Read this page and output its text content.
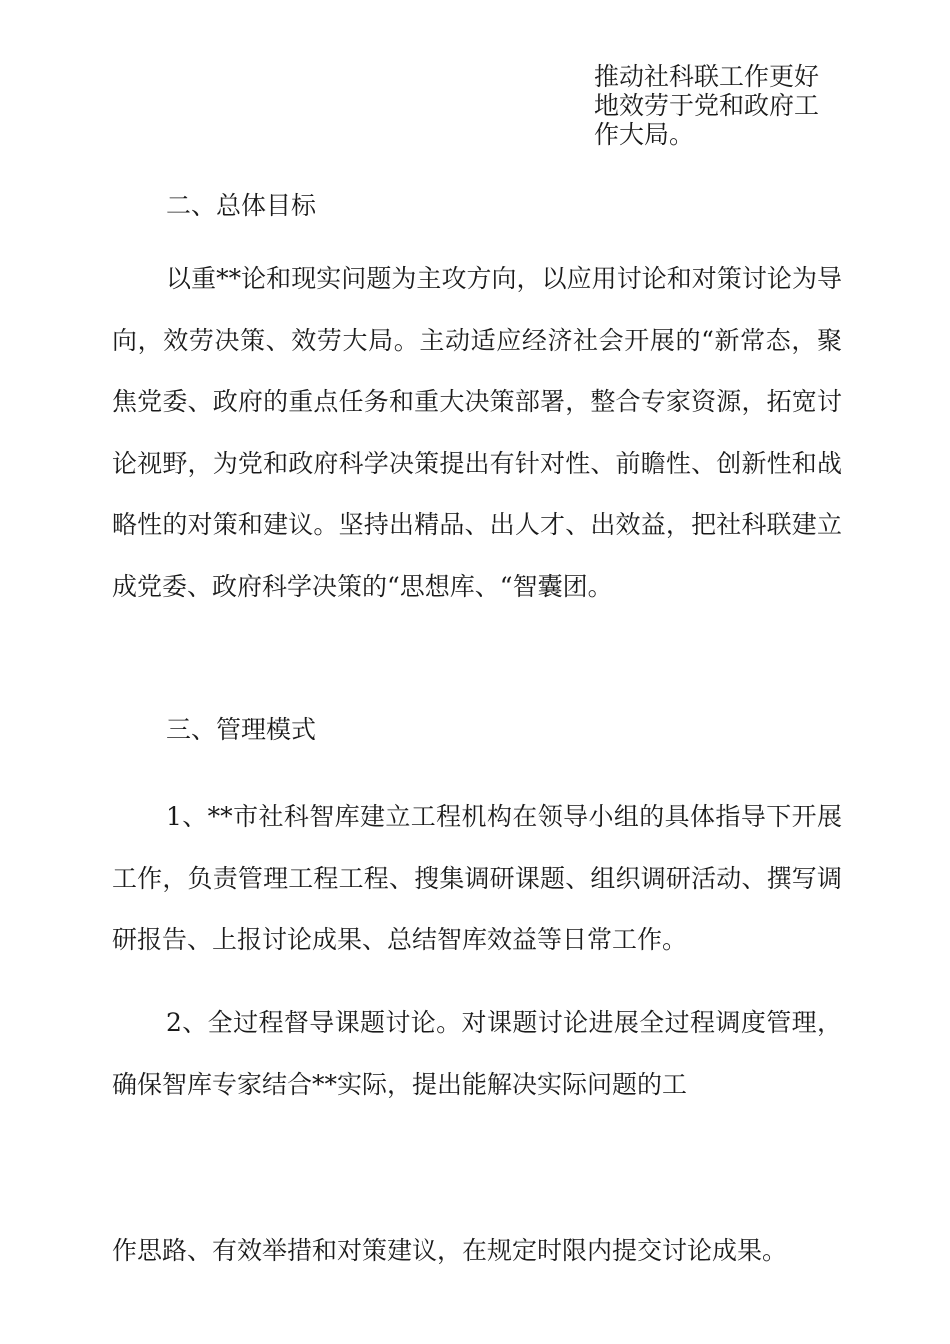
推动社科联工作更好
地效劳于党和政府工
作大局。
二、总体目标
以重**论和现实问题为主攻方向，以应用讨论和对策讨论为导向，效劳决策、效劳大局。主动适应经济社会开展的“新常态，聚焦党委、政府的重点任务和重大决策部署，整合专家资源，拓宽讨论视野，为党和政府科学决策提出有针对性、前瞻性、创新性和战略性的对策和建议。坚持出精品、出人才、出效益，把社科联建立成党委、政府科学决策的“思想库、“智囊团。
三、管理模式
1、**市社科智库建立工程机构在领导小组的具体指导下开展工作，负责管理工程工程、搜集调研课题、组织调研活动、撰写调研报告、上报讨论成果、总结智库效益等日常工作。
2、全过程督导课题讨论。对课题讨论进展全过程调度管理，确保智库专家结合**实际，提出能解决实际问题的工
作思路、有效举措和对策建议，在规定时限内提交讨论成果。
